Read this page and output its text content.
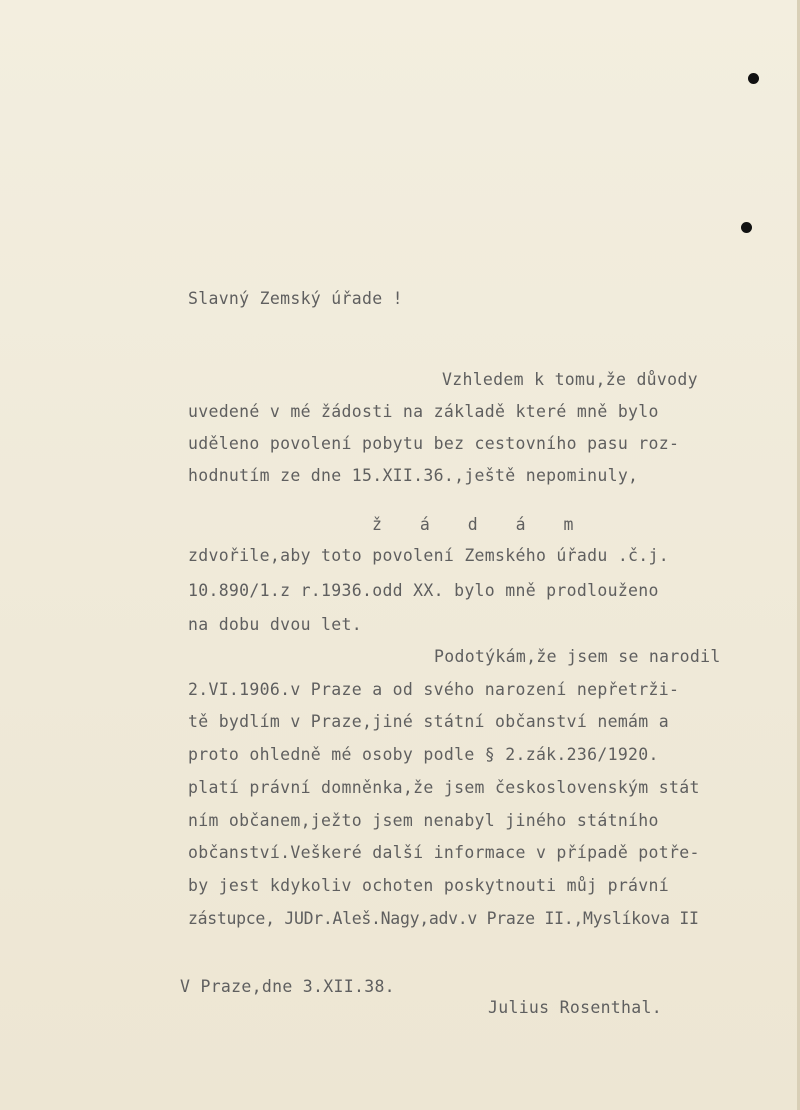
Slavný Zemský úřade !
Vzhledem k tomu,že důvody
uvedené v mé žádosti na základě které mně bylo
uděleno povolení pobytu bez cestovního pasu roz-
hodnutím ze dne 15.XII.36.,ještě nepominuly,
ž á d á m
zdvořile,aby toto povolení Zemského úřadu .č.j.
10.890/1.z r.1936.odd XX. bylo mně prodlouženo
na dobu dvou let.
Podotýkám,že jsem se narodil
2.VI.1906.v Praze a od svého narození nepřetrži-
tě bydlím v Praze,jiné státní občanství nemám a
proto ohledně mé osoby podle § 2.zák.236/1920.
platí právní domněnka,že jsem československým stát
ním občanem,ježto jsem nenabyl jiného státního
občanství.Veškeré další informace v případě potře-
by jest kdykoliv ochoten poskytnouti můj právní
zástupce, JUDr.Aleš.Nagy,adv.v Praze II.,Myslíkova II
V Praze,dne 3.XII.38.
Julius Rosenthal.
